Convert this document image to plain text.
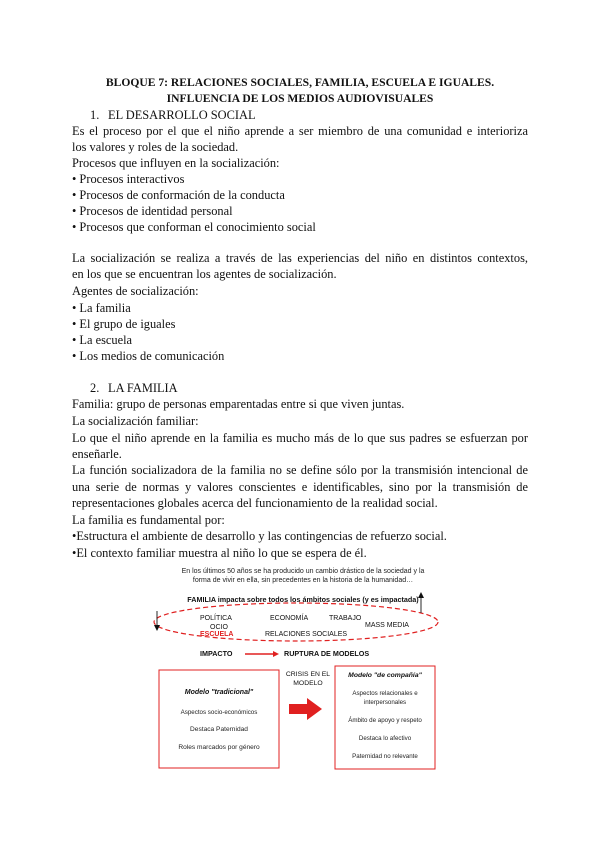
BLOQUE 7: RELACIONES SOCIALES, FAMILIA, ESCUELA E IGUALES.
INFLUENCIA DE LOS MEDIOS AUDIOVISUALES
1. EL DESARROLLO SOCIAL
Es el proceso por el que el niño aprende a ser miembro de una comunidad e interioriza
los valores y roles de la sociedad.
Procesos que influyen en la socialización:
• Procesos interactivos
• Procesos de conformación de la conducta
• Procesos de identidad personal
• Procesos que conforman el conocimiento social
La socialización se realiza a través de las experiencias del niño en distintos contextos,
en los que se encuentran los agentes de socialización.
Agentes de socialización:
• La familia
• El grupo de iguales
• La escuela
• Los medios de comunicación
2. LA FAMILIA
Familia: grupo de personas emparentadas entre si que viven juntas.
La socialización familiar:
Lo que el niño aprende en la familia es mucho más de lo que sus padres se esfuerzan por
enseñarle.
La función socializadora de la familia no se define sólo por la transmisión intencional de
una serie de normas y valores conscientes e identificables, sino por la transmisión de
representaciones globales acerca del funcionamiento de la realidad social.
La familia es fundamental por:
•Estructura el ambiente de desarrollo y las contingencias de refuerzo social.
•El contexto familiar muestra al niño lo que se espera de él.
En los últimos 50 años se ha producido un cambio drástico de la sociedad y la
forma de vivir en ella, sin precedentes en la historia de la humanidad…
FAMILIA impacta sobre todos los ámbitos sociales (y es impactada)
POLÍTICA
OCIO
ECONOMÍA	TRABAJO
MASS MEDIA
ESCUELA	RELACIONES SOCIALES
IMPACTO	RUPTURA DE MODELOS
Modelo "tradicional"
Aspectos socio-económicos
Destaca Paternidad
Roles marcados por género
CRISIS EN EL
MODELO
Modelo "de compañía"
Aspectos relacionales e
interpersonales
Ámbito de apoyo y respeto
Destaca lo afectivo
Paternidad no relevante
